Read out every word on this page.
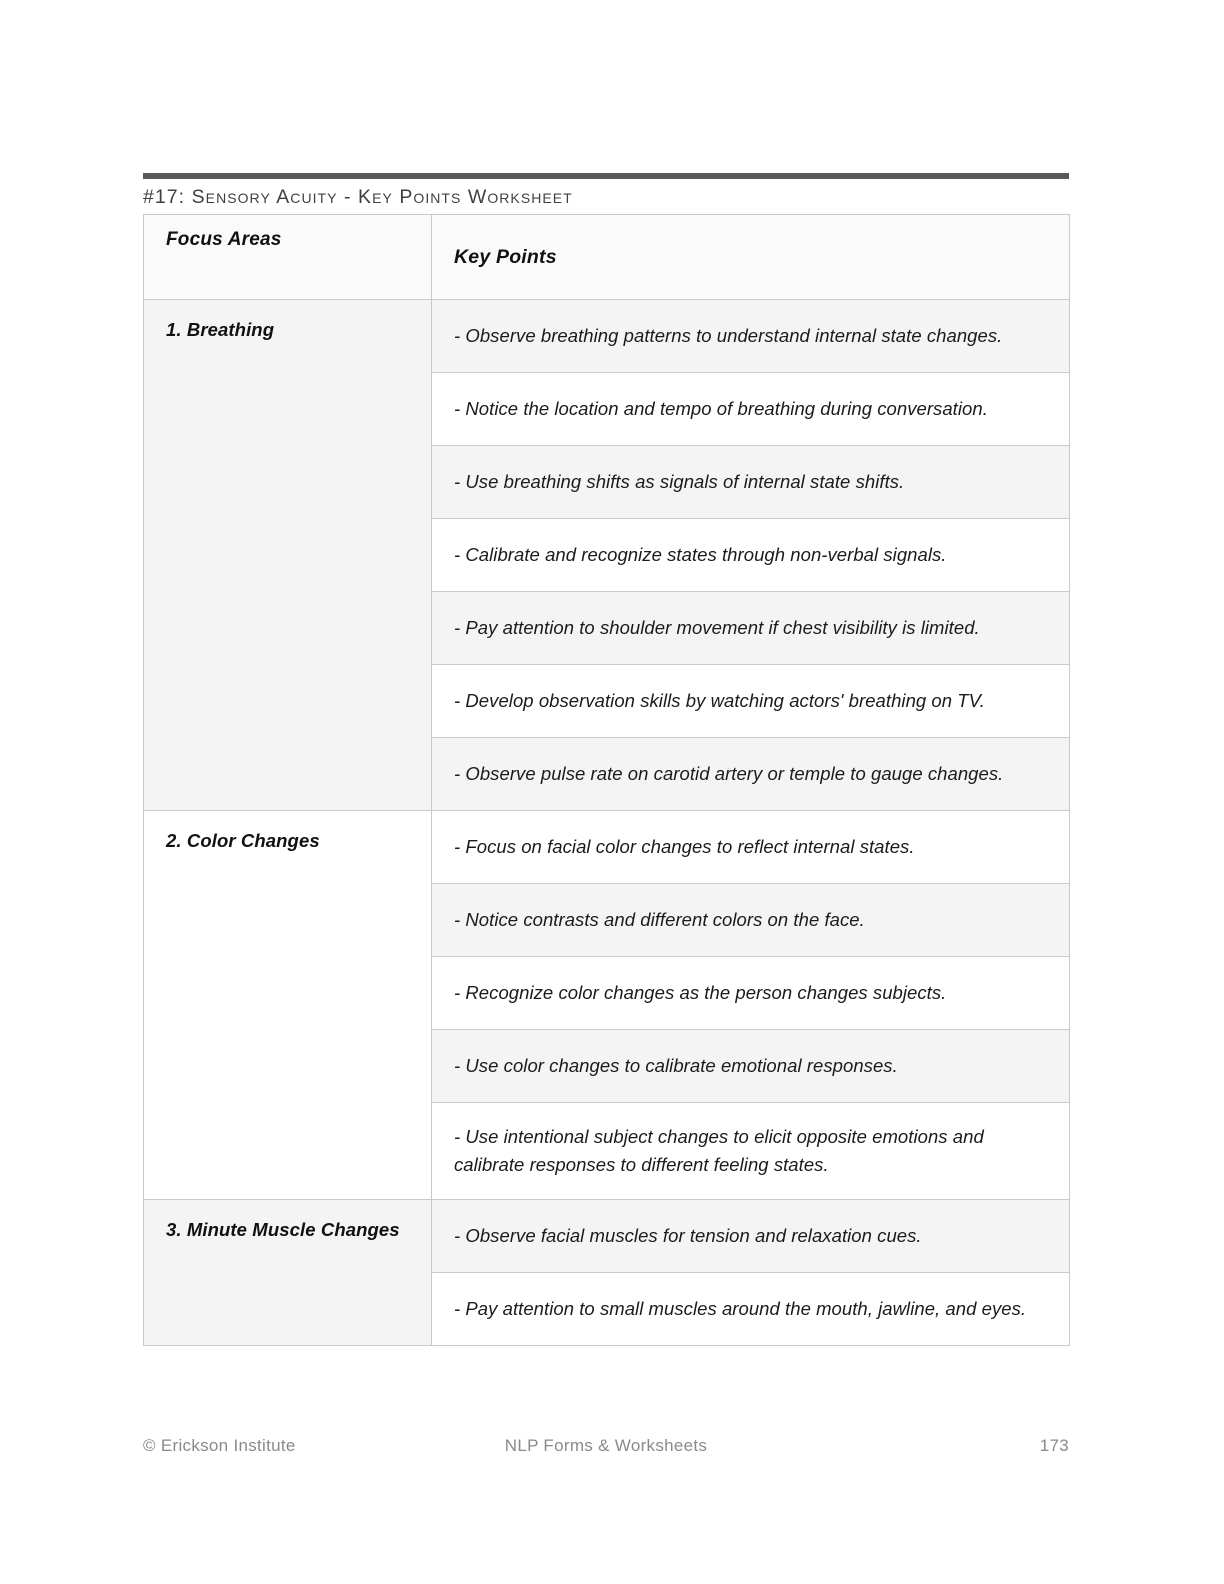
#17: Sensory Acuity - Key Points Worksheet
Focus Areas	Key Points
1. Breathing	- Observe breathing patterns to understand internal state changes.
	- Notice the location and tempo of breathing during conversation.
	- Use breathing shifts as signals of internal state shifts.
	- Calibrate and recognize states through non-verbal signals.
	- Pay attention to shoulder movement if chest visibility is limited.
	- Develop observation skills by watching actors' breathing on TV.
	- Observe pulse rate on carotid artery or temple to gauge changes.
2. Color Changes	- Focus on facial color changes to reflect internal states.
	- Notice contrasts and different colors on the face.
	- Recognize color changes as the person changes subjects.
	- Use color changes to calibrate emotional responses.
	- Use intentional subject changes to elicit opposite emotions and calibrate responses to different feeling states.
3. Minute Muscle Changes	- Observe facial muscles for tension and relaxation cues.
	- Pay attention to small muscles around the mouth, jawline, and eyes.
© Erickson Institute	NLP Forms & Worksheets	173
